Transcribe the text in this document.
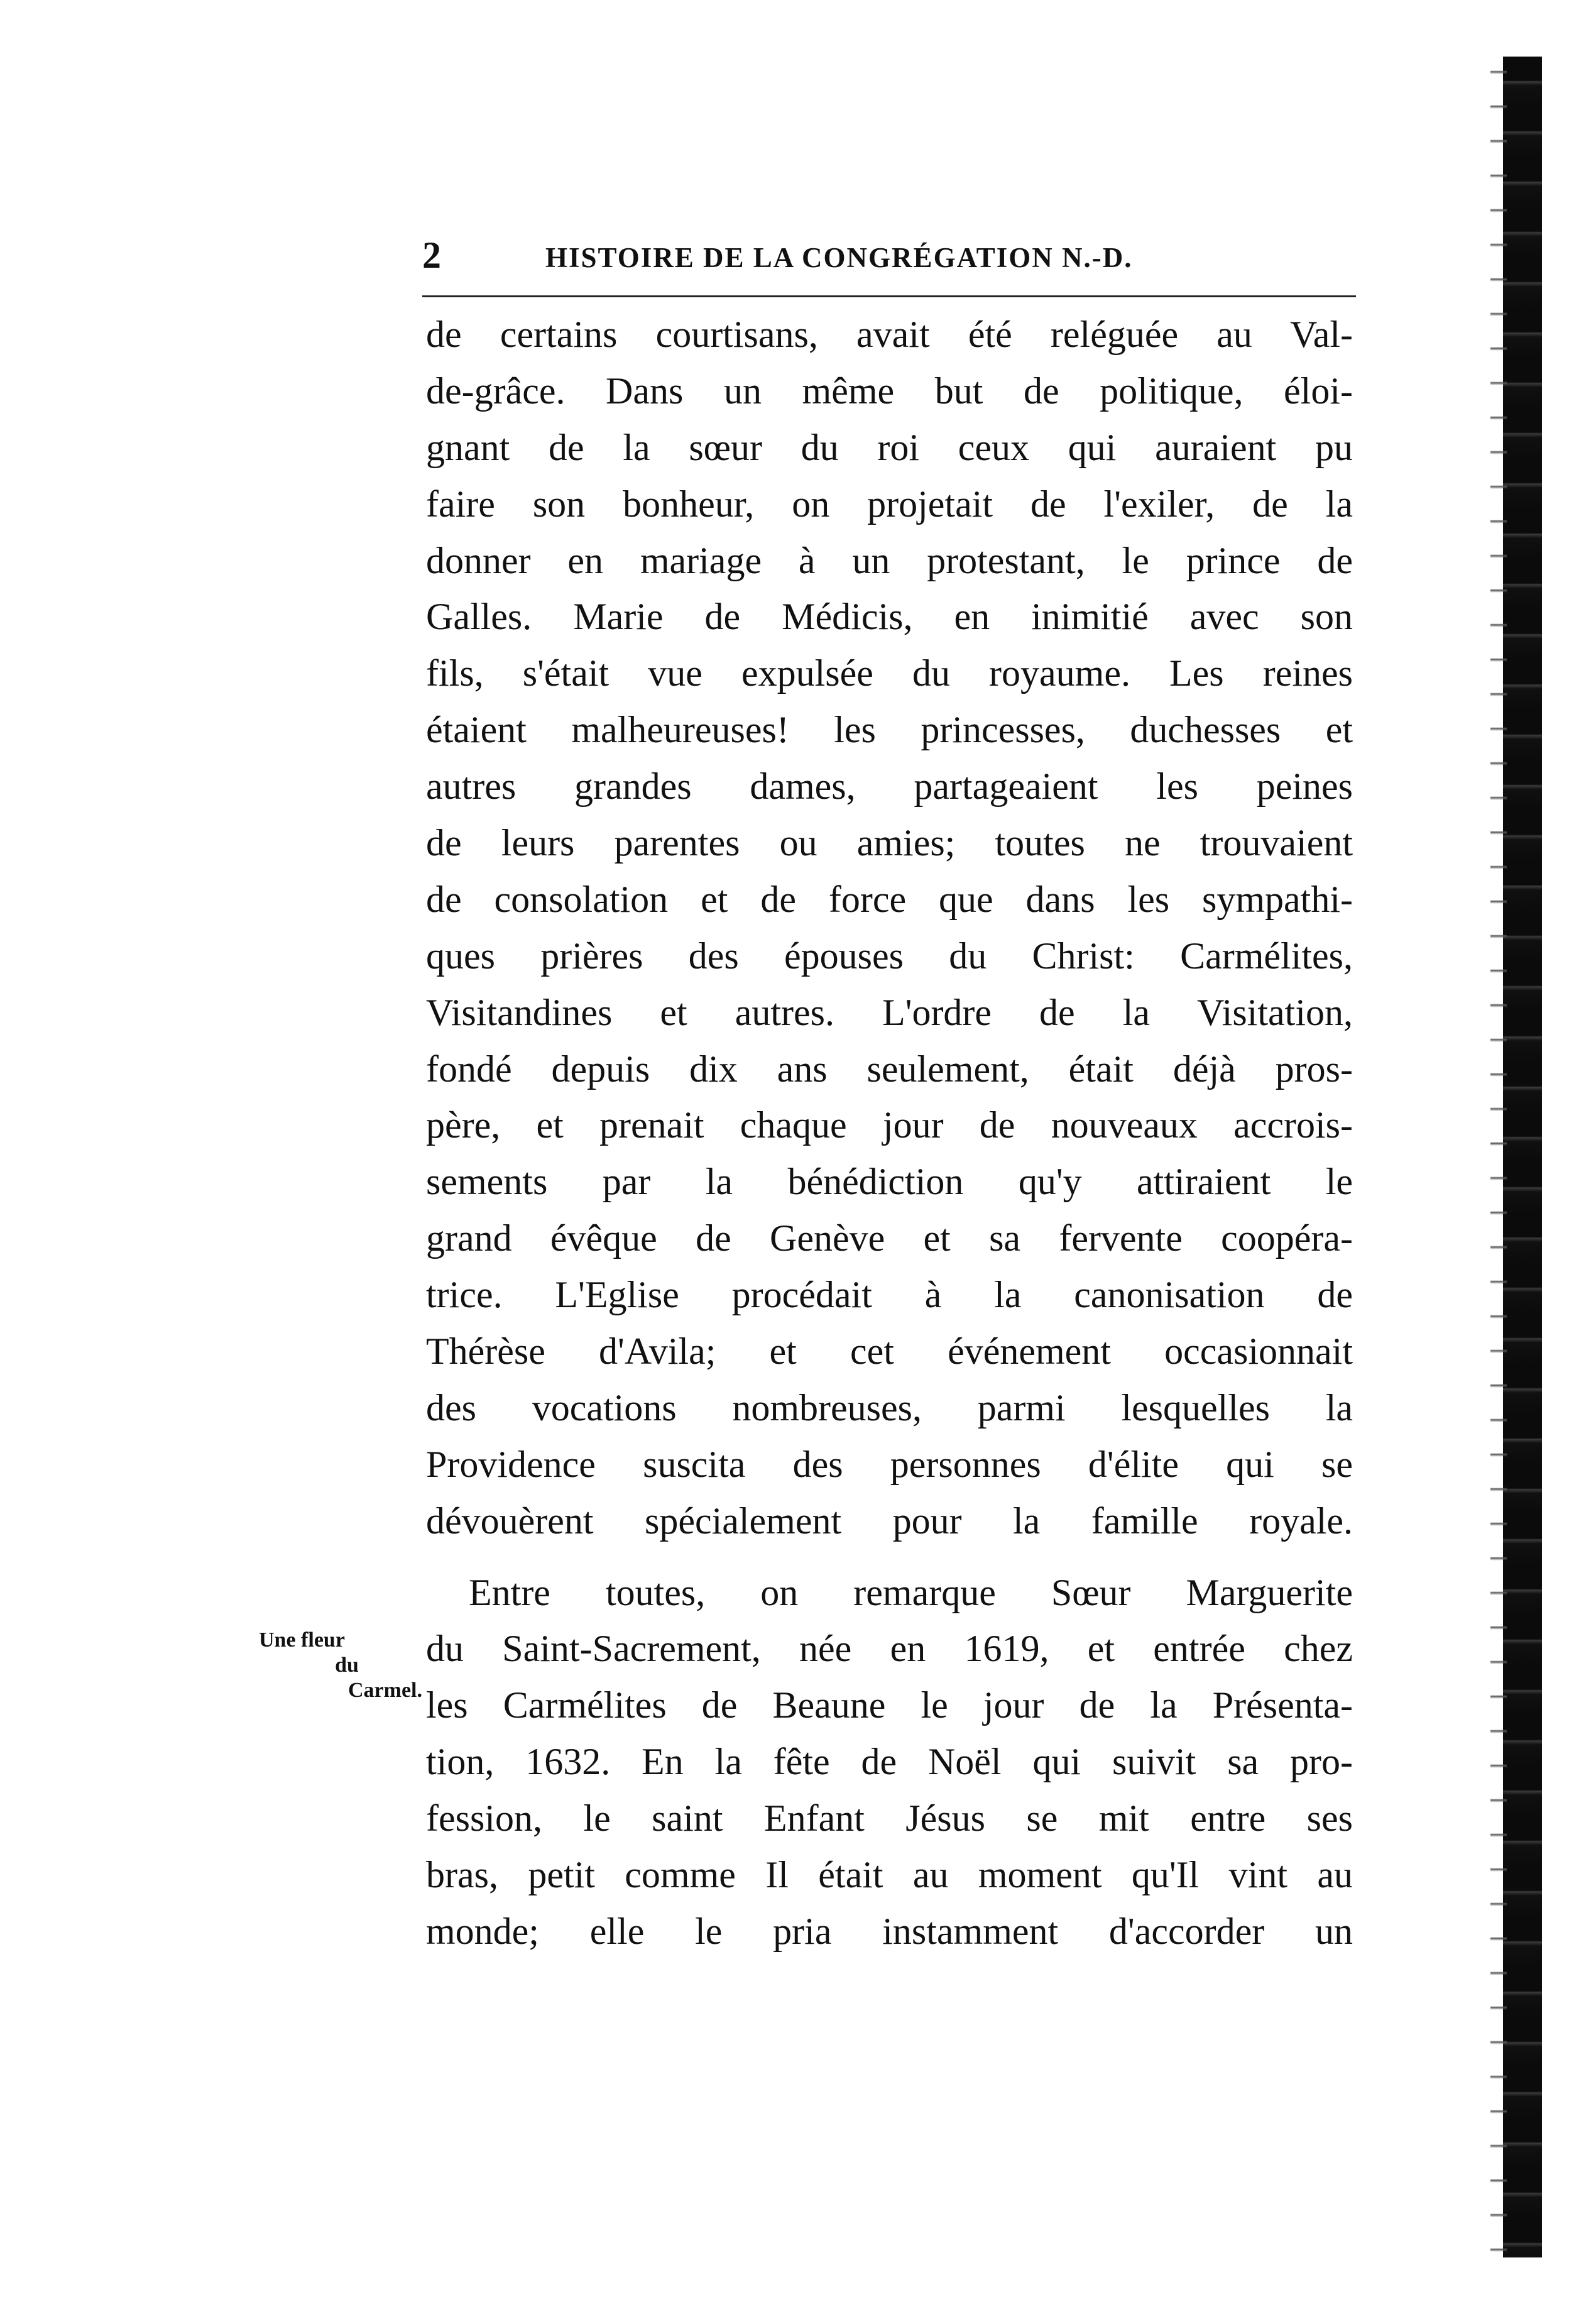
2	HISTOIRE DE LA CONGRÉGATION N.-D.
Une fleur
du
Carmel.
de certains courtisans, avait été reléguée au Val-
de-grâce. Dans un même but de politique, éloi-
gnant de la sœur du roi ceux qui auraient pu
faire son bonheur, on projetait de l'exiler, de la
donner en mariage à un protestant, le prince de
Galles. Marie de Médicis, en inimitié avec son
fils, s'était vue expulsée du royaume. Les reines
étaient malheureuses! les princesses, duchesses et
autres grandes dames, partageaient les peines
de leurs parentes ou amies; toutes ne trouvaient
de consolation et de force que dans les sympathi-
ques prières des épouses du Christ: Carmélites,
Visitandines et autres. L'ordre de la Visitation,
fondé depuis dix ans seulement, était déjà pros-
père, et prenait chaque jour de nouveaux accrois-
sements par la bénédiction qu'y attiraient le
grand évêque de Genève et sa fervente coopéra-
trice. L'Eglise procédait à la canonisation de
Thérèse d'Avila; et cet événement occasionnait
des vocations nombreuses, parmi lesquelles la
Providence suscita des personnes d'élite qui se
dévouèrent spécialement pour la famille royale.
Entre toutes, on remarque Sœur Marguerite
du Saint-Sacrement, née en 1619, et entrée chez
les Carmélites de Beaune le jour de la Présenta-
tion, 1632. En la fête de Noël qui suivit sa pro-
fession, le saint Enfant Jésus se mit entre ses
bras, petit comme Il était au moment qu'Il vint au
monde; elle le pria instamment d'accorder un
